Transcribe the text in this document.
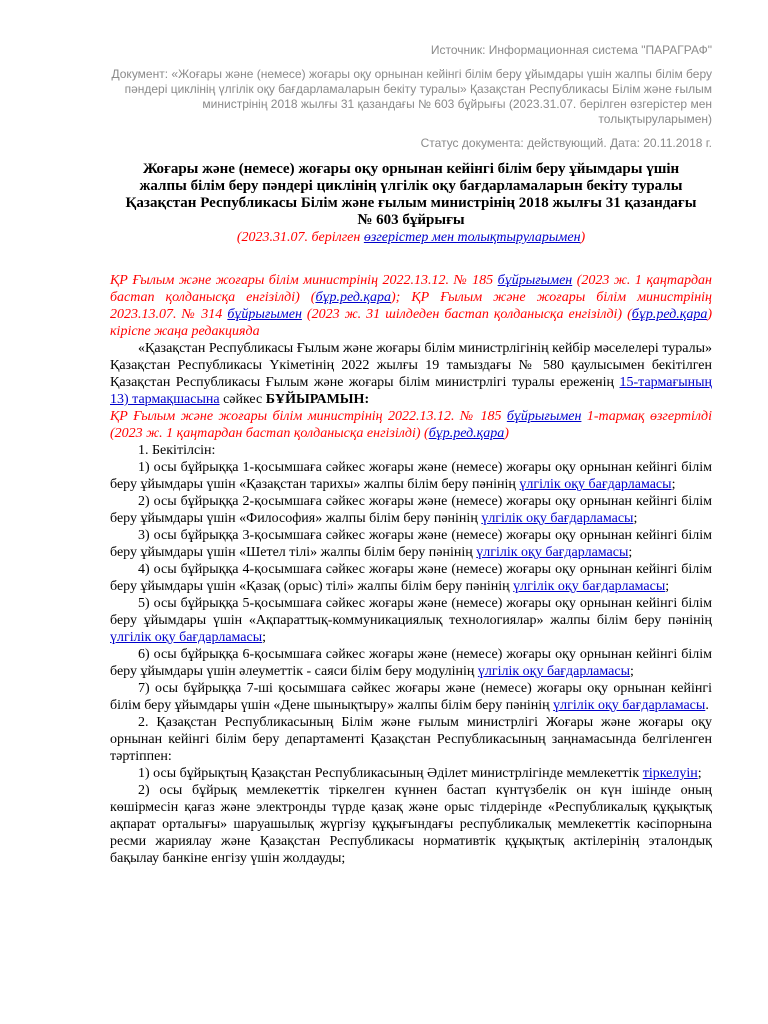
Источник: Информационная система "ПАРАГРАФ"
Документ: «Жоғары және (немесе) жоғары оқу орнынан кейінгі білім беру ұйымдары үшін жалпы білім беру пәндері циклінің үлгілік оқу бағдарламаларын бекіту туралы» Қазақстан Республикасы Білім және ғылым министрінің 2018 жылғы 31 қазандағы № 603 бұйрығы (2023.31.07. берілген өзгерістер мен толықтыруларымен)
Статус документа: действующий. Дата: 20.11.2018 г.
Жоғары және (немесе) жоғары оқу орнынан кейінгі білім беру ұйымдары үшін жалпы білім беру пәндері циклінің үлгілік оқу бағдарламаларын бекіту туралы Қазақстан Республикасы Білім және ғылым министрінің 2018 жылғы 31 қазандағы № 603 бұйрығы
(2023.31.07. берілген өзгерістер мен толықтыруларымен)

ҚР Ғылым және жоғары білім министрінің 2022.13.12. № 185 бұйрығымен (2023 ж. 1 қаңтардан бастап қолданысқа енгізілді) (бұр.ред.қара); ҚР Ғылым және жоғары білім министрінің 2023.13.07. № 314 бұйрығымен (2023 ж. 31 шілдеден бастап қолданысқа енгізілді) (бұр.ред.қара) кіріспе жаңа редакцияда

«Қазақстан Республикасы Ғылым және жоғары білім министрлігінің кейбір мәселелері туралы» Қазақстан Республикасы Үкіметінің 2022 жылғы 19 тамыздағы № 580 қаулысымен бекітілген Қазақстан Республикасы Ғылым және жоғары білім министрлігі туралы ереженің 15-тармағының 13) тармақшасына сәйкес БҰЙЫРАМЫН:

ҚР Ғылым және жоғары білім министрінің 2022.13.12. № 185 бұйрығымен 1-тармақ өзгертілді (2023 ж. 1 қаңтардан бастап қолданысқа енгізілді) (бұр.ред.қара)

1. Бекітілсін:

1) осы бұйрыққа 1-қосымшаға сәйкес жоғары және (немесе) жоғары оқу орнынан кейінгі білім беру ұйымдары үшін «Қазақстан тарихы» жалпы білім беру пәнінің үлгілік оқу бағдарламасы;

2) осы бұйрыққа 2-қосымшаға сәйкес жоғары және (немесе) жоғары оқу орнынан кейінгі білім беру ұйымдары үшін «Философия» жалпы білім беру пәнінің үлгілік оқу бағдарламасы;

3) осы бұйрыққа 3-қосымшаға сәйкес жоғары және (немесе) жоғары оқу орнынан кейінгі білім беру ұйымдары үшін «Шетел тілі» жалпы білім беру пәнінің үлгілік оқу бағдарламасы;

4) осы бұйрыққа 4-қосымшаға сәйкес жоғары және (немесе) жоғары оқу орнынан кейінгі білім беру ұйымдары үшін «Қазақ (орыс) тілі» жалпы білім беру пәнінің үлгілік оқу бағдарламасы;

5) осы бұйрыққа 5-қосымшаға сәйкес жоғары және (немесе) жоғары оқу орнынан кейінгі білім беру ұйымдары үшін «Ақпараттық-коммуникациялық технологиялар» жалпы білім беру пәнінің үлгілік оқу бағдарламасы;

6) осы бұйрыққа 6-қосымшаға сәйкес жоғары және (немесе) жоғары оқу орнынан кейінгі білім беру ұйымдары үшін әлеуметтік - саяси білім беру модулінің үлгілік оқу бағдарламасы;

7) осы бұйрыққа 7-ші қосымшаға сәйкес жоғары және (немесе) жоғары оқу орнынан кейінгі білім беру ұйымдары үшін «Дене шынықтыру» жалпы білім беру пәнінің үлгілік оқу бағдарламасы.

2. Қазақстан Республикасының Білім және ғылым министрлігі Жоғары және жоғары оқу орнынан кейінгі білім беру департаменті Қазақстан Республикасының заңнамасында белгіленген тәртіппен:

1) осы бұйрықтың Қазақстан Республикасының Әділет министрлігінде мемлекеттік тіркелуін;

2) осы бұйрық мемлекеттік тіркелген күннен бастап күнтүзбелік он күн ішінде оның көшірмесін қағаз және электронды түрде қазақ және орыс тілдерінде «Республикалық құқықтық ақпарат орталығы» шаруашылық жүргізу құқығындағы республикалық мемлекеттік кәсіпорнына ресми жариялау және Қазақстан Республикасы нормативтік құқықтық актілерінің эталондық бақылау банкіне енгізу үшін жолдауды;
